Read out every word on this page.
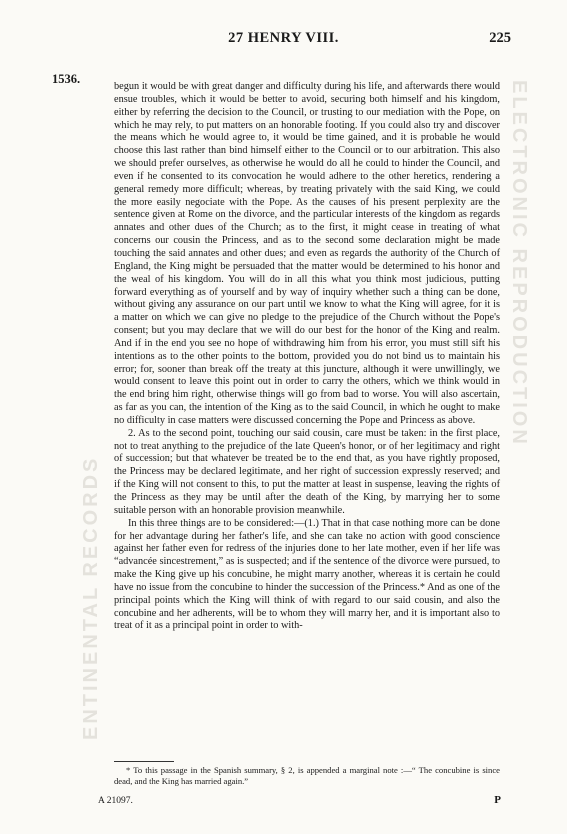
ENTINENTAL RECORDS
ELECTRONIC REPRODUCTION
27 HENRY VIII.	225
1536.

begun it would be with great danger and difficulty during his life, and afterwards there would ensue troubles, which it would be better to avoid, securing both himself and his kingdom, either by referring the decision to the Council, or trusting to our mediation with the Pope, on which he may rely, to put matters on an honorable footing. If you could also try and discover the means which he would agree to, it would be time gained, and it is probable he would choose this last rather than bind himself either to the Council or to our arbitration. This also we should prefer ourselves, as otherwise he would do all he could to hinder the Council, and even if he consented to its convocation he would adhere to the other heretics, rendering a general remedy more difficult; whereas, by treating privately with the said King, we could the more easily negociate with the Pope. As the causes of his present perplexity are the sentence given at Rome on the divorce, and the particular interests of the kingdom as regards annates and other dues of the Church; as to the first, it might cease in treating of what concerns our cousin the Princess, and as to the second some declaration might be made touching the said annates and other dues; and even as regards the authority of the Church of England, the King might be persuaded that the matter would be determined to his honor and the weal of his kingdom. You will do in all this what you think most judicious, putting forward everything as of yourself and by way of inquiry whether such a thing can be done, without giving any assurance on our part until we know to what the King will agree, for it is a matter on which we can give no pledge to the prejudice of the Church without the Pope's consent; but you may declare that we will do our best for the honor of the King and realm. And if in the end you see no hope of withdrawing him from his error, you must still sift his intentions as to the other points to the bottom, provided you do not bind us to maintain his error; for, sooner than break off the treaty at this juncture, although it were unwillingly, we would consent to leave this point out in order to carry the others, which we think would in the end bring him right, otherwise things will go from bad to worse. You will also ascertain, as far as you can, the intention of the King as to the said Council, in which he ought to make no difficulty in case matters were discussed concerning the Pope and Princess as above.

2. As to the second point, touching our said cousin, care must be taken: in the first place, not to treat anything to the prejudice of the late Queen's honor, or of her legitimacy and right of succession; but that whatever be treated be to the end that, as you have rightly proposed, the Princess may be declared legitimate, and her right of succession expressly reserved; and if the King will not consent to this, to put the matter at least in suspense, leaving the rights of the Princess as they may be until after the death of the King, by marrying her to some suitable person with an honorable provision meanwhile.

In this three things are to be considered:—(1.) That in that case nothing more can be done for her advantage during her father's life, and she can take no action with good conscience against her father even for redress of the injuries done to her late mother, even if her life was “advancée sincestrement,” as is suspected; and if the sentence of the divorce were pursued, to make the King give up his concubine, he might marry another, whereas it is certain he could have no issue from the concubine to hinder the succession of the Princess.* And as one of the principal points which the King will think of with regard to our said cousin, and also the concubine and her adherents, will be to whom they will marry her, and it is important also to treat of it as a principal point in order to with-

* To this passage in the Spanish summary, § 2, is appended a marginal note :—“ The concubine is since dead, and the King has married again.”
A 21097.	P
